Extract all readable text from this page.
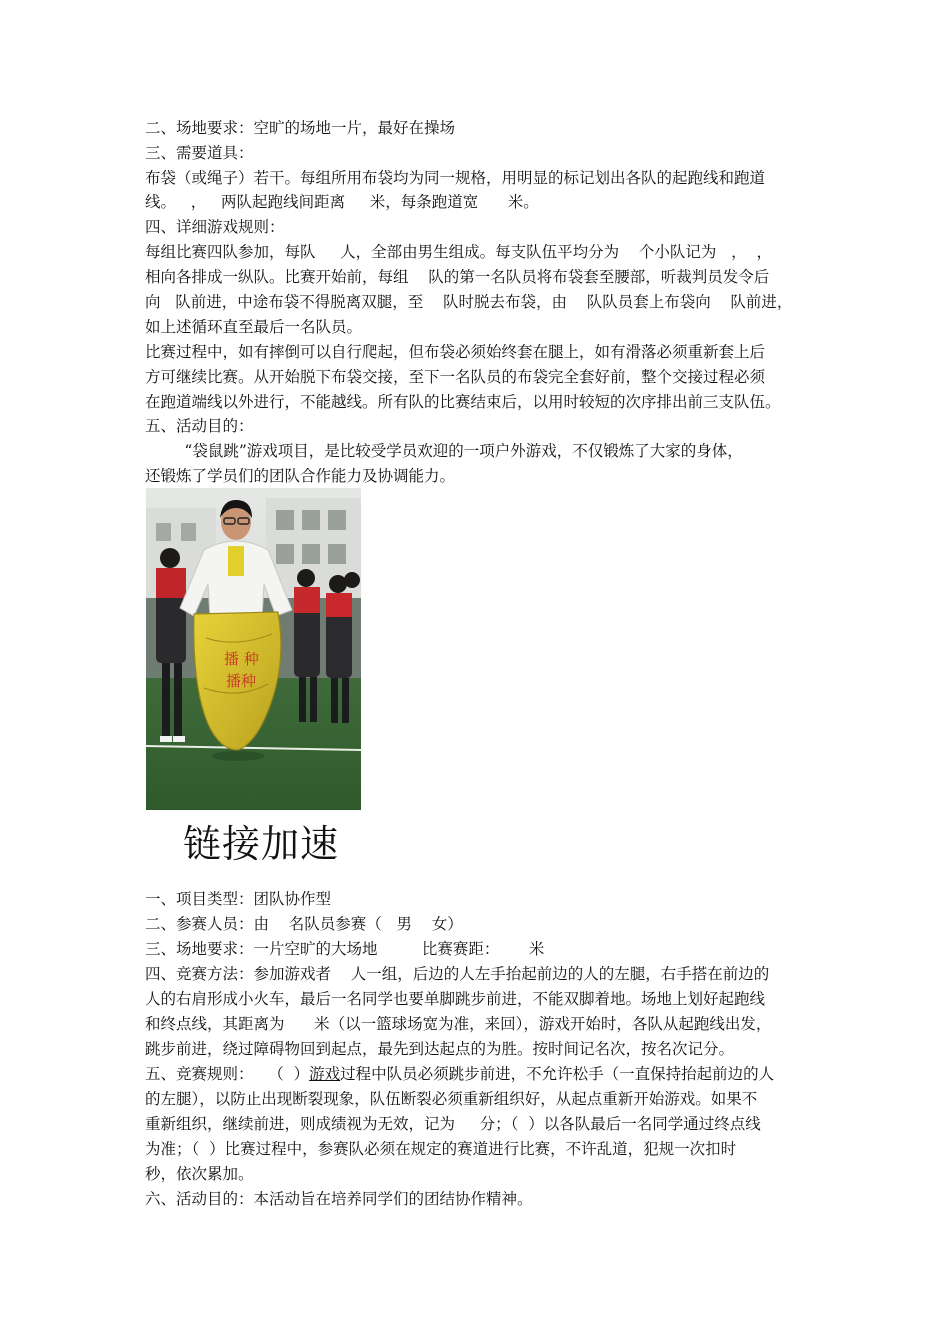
二、场地要求：空旷的场地一片，最好在操场
三、需要道具：
布袋（或绳子）若干。每组所用布袋均为同一规格，用明显的标记划出各队的起跑线和跑道
线。   ，   两队起跑线间距离     米，每条跑道宽      米。
四、详细游戏规则：
每组比赛四队参加，每队     人，全部由男生组成。每支队伍平均分为    个小队记为   ，  ，
相向各排成一纵队。比赛开始前，每组    队的第一名队员将布袋套至腰部，听裁判员发令后
向   队前进，中途布袋不得脱离双腿，至    队时脱去布袋，由    队队员套上布袋向    队前进，
如上述循环直至最后一名队员。
比赛过程中，如有摔倒可以自行爬起，但布袋必须始终套在腿上，如有滑落必须重新套上后
方可继续比赛。从开始脱下布袋交接，至下一名队员的布袋完全套好前，整个交接过程必须
在跑道端线以外进行，不能越线。所有队的比赛结束后，以用时较短的次序排出前三支队伍。
五、活动目的：
“袋鼠跳”游戏项目，是比较受学员欢迎的一项户外游戏，不仅锻炼了大家的身体，
还锻炼了学员们的团队合作能力及协调能力。
播 种
播种
链接加速
一、项目类型：团队协作型
二、参赛人员：由    名队员参赛（   男    女）
三、场地要求：一片空旷的大场地         比赛赛距：      米
四、竞赛方法：参加游戏者    人一组，后边的人左手抬起前边的人的左腿，右手搭在前边的
人的右肩形成小火车，最后一名同学也要单脚跳步前进，不能双脚着地。场地上划好起跑线
和终点线，其距离为      米（以一篮球场宽为准，来回），游戏开始时，各队从起跑线出发，
跳步前进，绕过障碍物回到起点，最先到达起点的为胜。按时间记名次，按名次记分。
五、竞赛规则：   （  ）游戏过程中队员必须跳步前进，不允许松手（一直保持抬起前边的人
的左腿），以防止出现断裂现象，队伍断裂必须重新组织好，从起点重新开始游戏。如果不
重新组织，继续前进，则成绩视为无效，记为     分；（  ）以各队最后一名同学通过终点线
为准；（  ）比赛过程中，参赛队必须在规定的赛道进行比赛，不许乱道，犯规一次扣时
秒，依次累加。
六、活动目的：本活动旨在培养同学们的团结协作精神。
